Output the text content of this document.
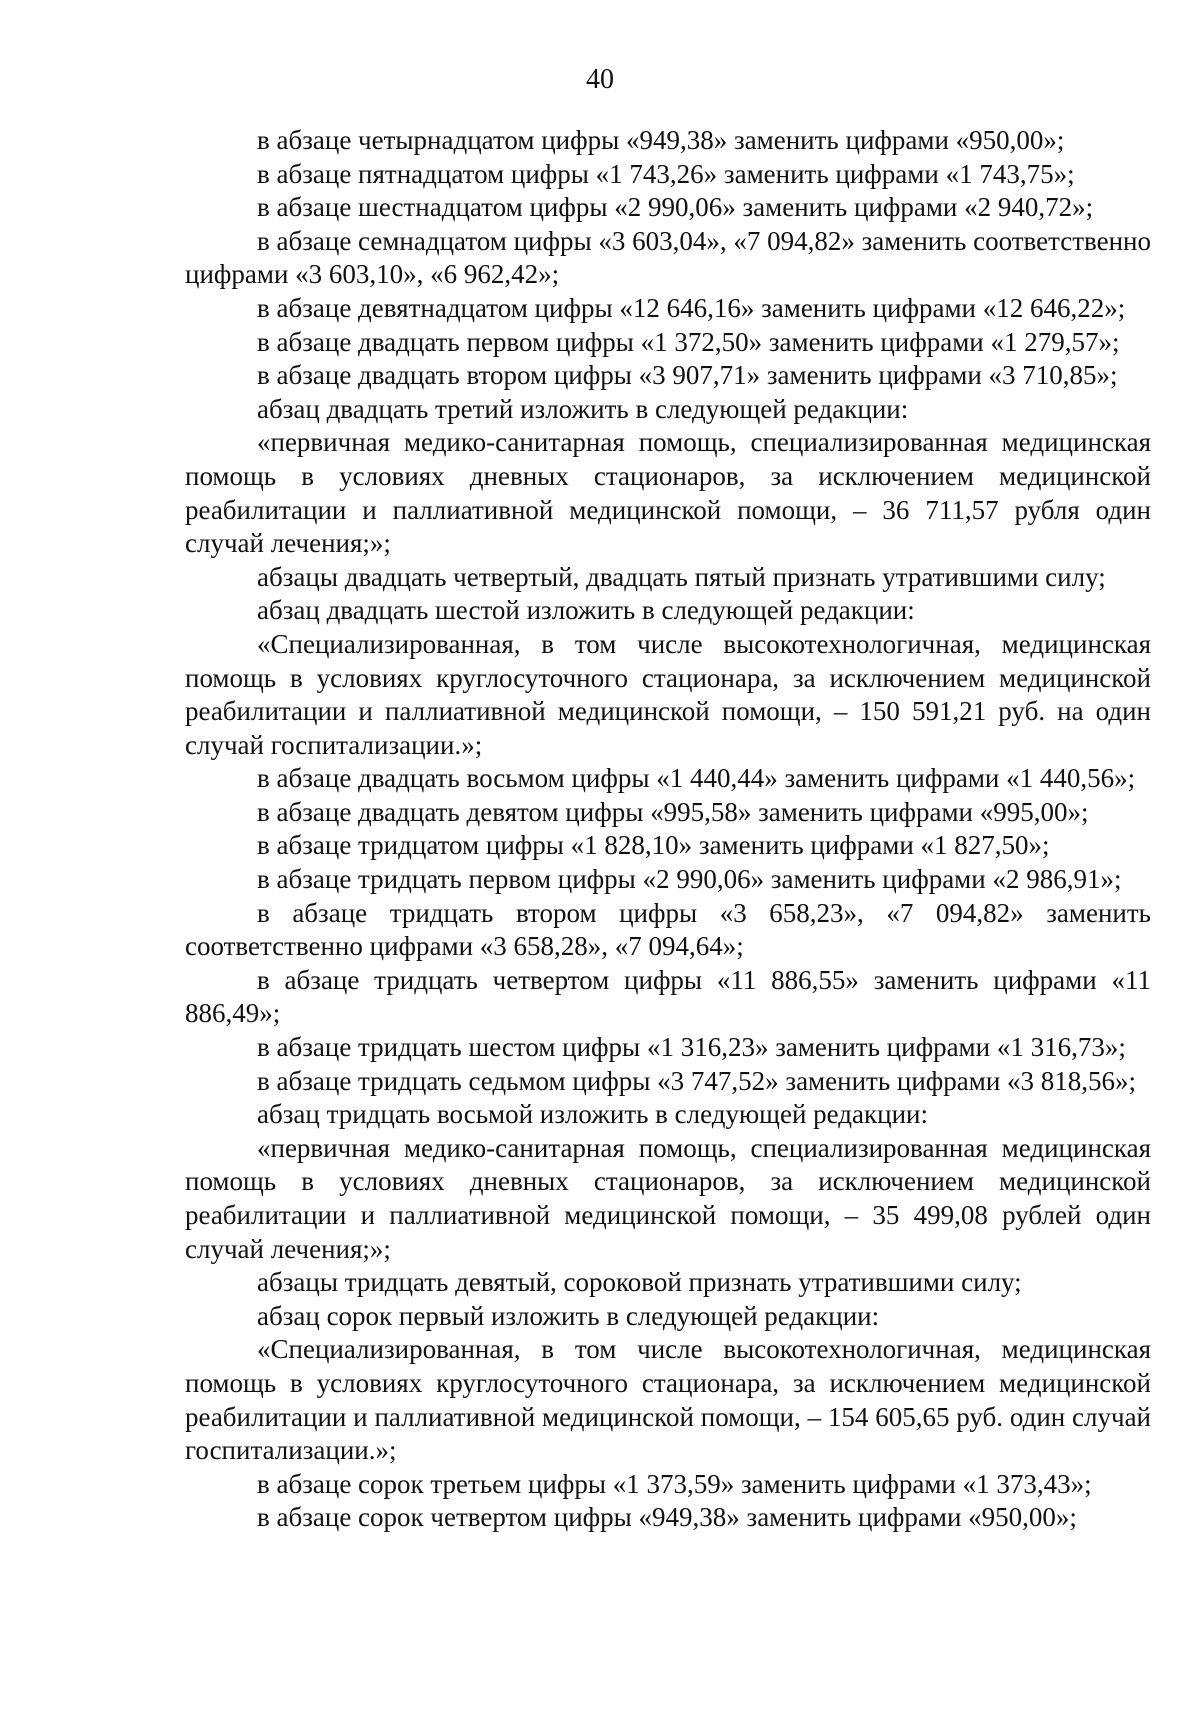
40

в абзаце четырнадцатом цифры «949,38» заменить цифрами «950,00»;

в абзаце пятнадцатом цифры «1 743,26» заменить цифрами «1 743,75»;

в абзаце шестнадцатом цифры «2 990,06» заменить цифрами «2 940,72»;

в абзаце семнадцатом цифры «3 603,04», «7 094,82» заменить соответственно цифрами «3 603,10», «6 962,42»;

в абзаце девятнадцатом цифры «12 646,16» заменить цифрами «12 646,22»;

в абзаце двадцать первом цифры «1 372,50» заменить цифрами «1 279,57»;

в абзаце двадцать втором цифры «3 907,71» заменить цифрами «3 710,85»;

абзац двадцать третий изложить в следующей редакции:

«первичная медико-санитарная помощь, специализированная медицинская помощь в условиях дневных стационаров, за исключением медицинской реабилитации и паллиативной медицинской помощи, – 36 711,57 рубля один случай лечения;»;

абзацы двадцать четвертый, двадцать пятый признать утратившими силу;

абзац двадцать шестой изложить в следующей редакции:

«Специализированная, в том числе высокотехнологичная, медицинская помощь в условиях круглосуточного стационара, за исключением медицинской реабилитации и паллиативной медицинской помощи, – 150 591,21 руб. на один случай госпитализации.»;

в абзаце двадцать восьмом цифры «1 440,44» заменить цифрами «1 440,56»;

в абзаце двадцать девятом цифры «995,58» заменить цифрами «995,00»;

в абзаце тридцатом цифры «1 828,10» заменить цифрами «1 827,50»;

в абзаце тридцать первом цифры «2 990,06» заменить цифрами «2 986,91»;

в абзаце тридцать втором цифры «3 658,23», «7 094,82» заменить соответственно цифрами «3 658,28», «7 094,64»;

в абзаце тридцать четвертом цифры «11 886,55» заменить цифрами «11 886,49»;

в абзаце тридцать шестом цифры «1 316,23» заменить цифрами «1 316,73»;

в абзаце тридцать седьмом цифры «3 747,52» заменить цифрами «3 818,56»;

абзац тридцать восьмой изложить в следующей редакции:

«первичная медико-санитарная помощь, специализированная медицинская помощь в условиях дневных стационаров, за исключением медицинской реабилитации и паллиативной медицинской помощи, – 35 499,08 рублей один случай лечения;»;

абзацы тридцать девятый, сороковой признать утратившими силу;

абзац сорок первый изложить в следующей редакции:

«Специализированная, в том числе высокотехнологичная, медицинская помощь в условиях круглосуточного стационара, за исключением медицинской реабилитации и паллиативной медицинской помощи, – 154 605,65 руб. один случай госпитализации.»;

в абзаце сорок третьем цифры «1 373,59» заменить цифрами «1 373,43»;

в абзаце сорок четвертом цифры «949,38» заменить цифрами «950,00»;
